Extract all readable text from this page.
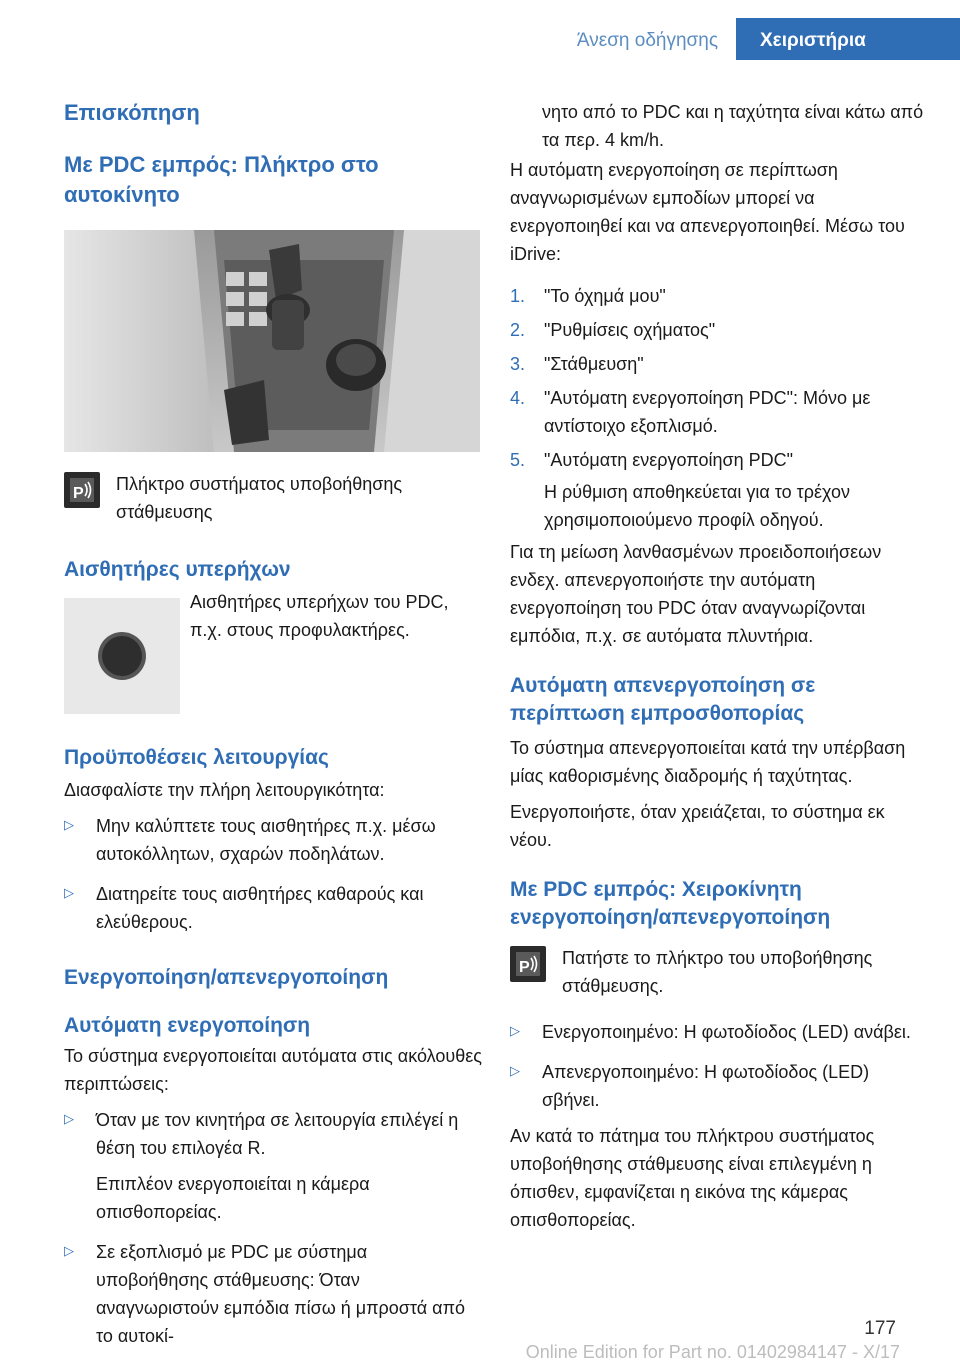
Άνεση οδήγησης	Χειριστήρια
Επισκόπηση
Με PDC εμπρός: Πλήκτρο στο αυτοκίνητο
P Πλήκτρο συστήματος υποβοήθησης στάθμευσης
Αισθητήρες υπερήχων
Αισθητήρες υπερήχων του PDC, π.χ. στους προφυλακτήρες.
Προϋποθέσεις λειτουργίας
Διασφαλίστε την πλήρη λειτουργικότητα:
▷	Μην καλύπτετε τους αισθητήρες π.χ. μέσω αυτοκόλλητων, σχαρών ποδηλάτων.
▷	Διατηρείτε τους αισθητήρες καθαρούς και ελεύθερους.
Ενεργοποίηση/απενεργοποίηση
Αυτόματη ενεργοποίηση
Το σύστημα ενεργοποιείται αυτόματα στις ακόλουθες περιπτώσεις:
▷	Όταν με τον κινητήρα σε λειτουργία επιλέγεί η θέση του επιλογέα R.
Επιπλέον ενεργοποιείται η κάμερα οπισθοπορείας.
▷	Σε εξοπλισμό με PDC με σύστημα υποβοήθησης στάθμευσης: Όταν αναγνωριστούν εμπόδια πίσω ή μπροστά από το αυτοκί-
νητο από το PDC και η ταχύτητα είναι κάτω από τα περ. 4 km/h.
Η αυτόματη ενεργοποίηση σε περίπτωση αναγνωρισμένων εμποδίων μπορεί να ενεργοποιηθεί και να απενεργοποιηθεί. Μέσω του iDrive:
1.	"Το όχημά μου"
2.	"Ρυθμίσεις οχήματος"
3.	"Στάθμευση"
4.	"Αυτόματη ενεργοποίηση PDC": Μόνο με αντίστοιχο εξοπλισμό.
5.	"Αυτόματη ενεργοποίηση PDC"
Η ρύθμιση αποθηκεύεται για το τρέχον χρησιμοποιούμενο προφίλ οδηγού.
Για τη μείωση λανθασμένων προειδοποιήσεων ενδεχ. απενεργοποιήστε την αυτόματη ενεργοποίηση του PDC όταν αναγνωρίζονται εμπόδια, π.χ. σε αυτόματα πλυντήρια.
Αυτόματη απενεργοποίηση σε περίπτωση εμπροσθοπορίας
Το σύστημα απενεργοποιείται κατά την υπέρβαση μίας καθορισμένης διαδρομής ή ταχύτητας.
Ενεργοποιήστε, όταν χρειάζεται, το σύστημα εκ νέου.
Με PDC εμπρός: Χειροκίνητη ενεργοποίηση/απενεργοποίηση
P Πατήστε το πλήκτρο του υποβοήθησης στάθμευσης.
▷	Ενεργοποιημένο: Η φωτοδίοδος (LED) ανάβει.
▷	Απενεργοποιημένο: Η φωτοδίοδος (LED) σβήνει.
Αν κατά το πάτημα του πλήκτρου συστήματος υποβοήθησης στάθμευσης είναι επιλεγμένη η όπισθεν, εμφανίζεται η εικόνα της κάμερας οπισθοπορείας.
177
Online Edition for Part no. 01402984147 - X/17
